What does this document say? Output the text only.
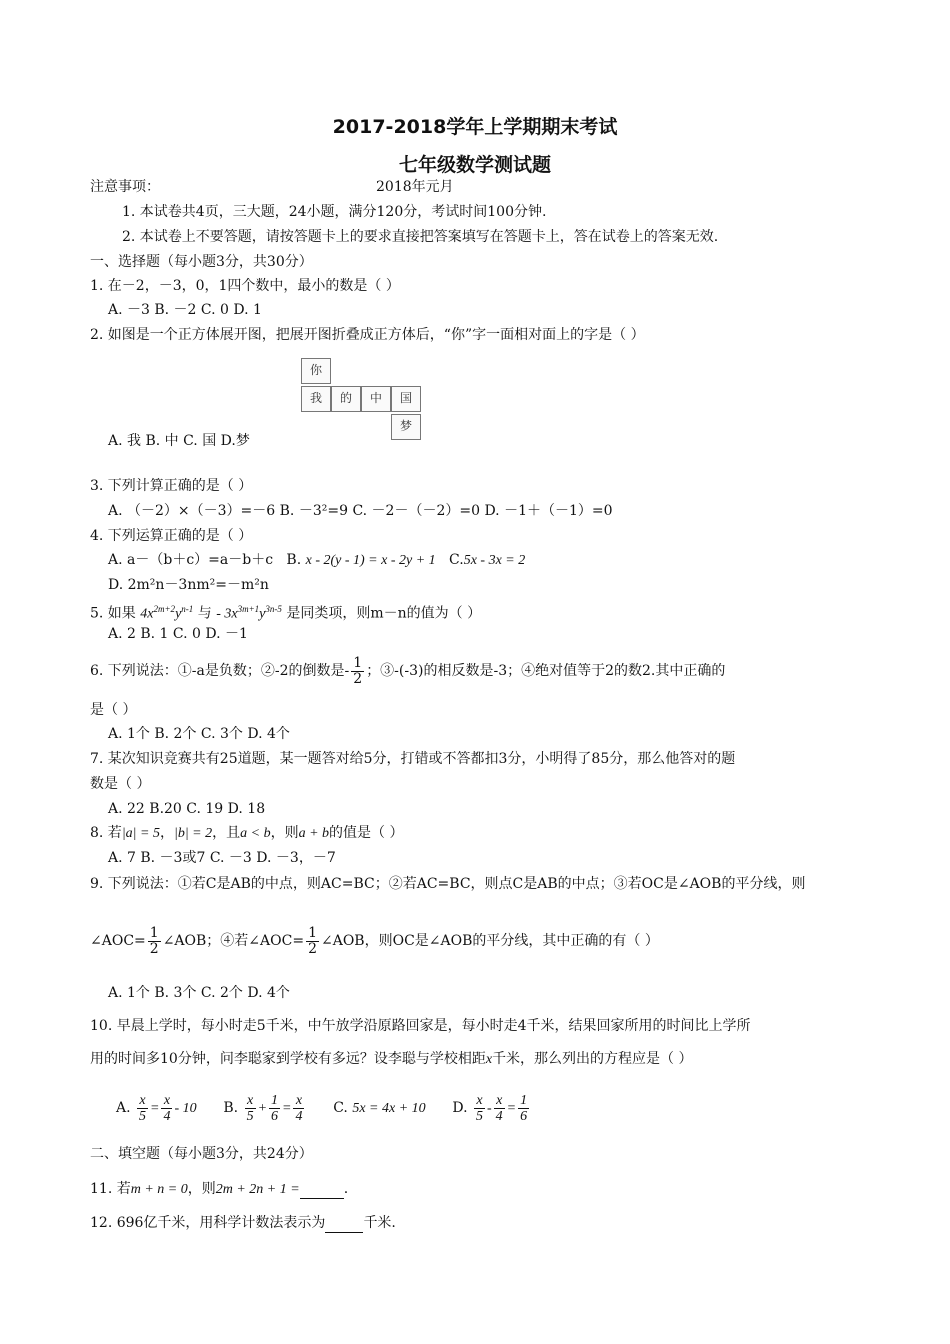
2017-2018学年上学期期末考试
七年级数学测试题
注意事项：	2018年元月
1. 本试卷共4页，三大题，24小题，满分120分，考试时间100分钟.
2. 本试卷上不要答题，请按答题卡上的要求直接把答案填写在答题卡上，答在试卷上的答案无效.
一、选择题（每小题3分，共30分）
1. 在－2，－3，0，1四个数中，最小的数是（ ）
A. －3 B. －2 C. 0 D. 1
2. 如图是一个正方体展开图，把展开图折叠成正方体后，“你”字一面相对面上的字是（ ）
你
我	的	中	国
梦
A. 我 B. 中 C. 国 D.梦
3. 下列计算正确的是（ ）
A. （－2）×（－3）=－6 B. －3²=9 C. －2－（－2）=0 D. －1＋（－1）=0
4. 下列运算正确的是（ ）
A. a－（b＋c）=a－b＋c B. x - 2(y - 1) = x - 2y + 1 C.5x - 3x = 2
D. 2m²n－3nm²=－m²n
5. 如果 $4x^{2m+2}y^{n-1}$ 与 - $3x^{3m+1}y^{3n-5}$ 是同类项，则m－n的值为（ ）
A. 2 B. 1 C. 0 D. －1
6. 下列说法：①-a是负数；②-2的倒数是- $\frac{1}{2}$ ；③-(-3)的相反数是-3；④绝对值等于2的数2.其中正确的
是（ ）
A. 1个 B. 2个 C. 3个 D. 4个
7. 某次知识竞赛共有25道题，某一题答对给5分，打错或不答都扣3分，小明得了85分，那么他答对的题
数是（ ）
A. 22 B.20 C. 19 D. 18
8. 若|a| = 5，|b| = 2，且a < b，则a + b的值是（ ）
A. 7 B. －3或7 C. －3 D. －3，－7
9. 下列说法：①若C是AB的中点，则AC=BC；②若AC=BC，则点C是AB的中点；③若OC是∠AOB的平分线，则
∠AOC= $\frac{1}{2}$ ∠AOB；④若∠AOC= $\frac{1}{2}$ ∠AOB，则OC是∠AOB的平分线，其中正确的有（ ）
A. 1个 B. 3个 C. 2个 D. 4个
10. 早晨上学时，每小时走5千米，中午放学沿原路回家是，每小时走4千米，结果回家所用的时间比上学所
用的时间多10分钟，问李聪家到学校有多远？设李聪与学校相距x千米，那么列出的方程应是（ ）
A. $\frac{x}{5} = \frac{x}{4} - 10$ B. $\frac{x}{5} + \frac{1}{6} = \frac{x}{4} C$. 5x = 4x + 10 D. $\frac{x}{5} - \frac{x}{4} = \frac{1}{6}$
二、填空题（每小题3分，共24分）
11. 若m + n = 0，则2m + 2n + 1 =	.
12. 696亿千米，用科学计数法表示为	千米.
